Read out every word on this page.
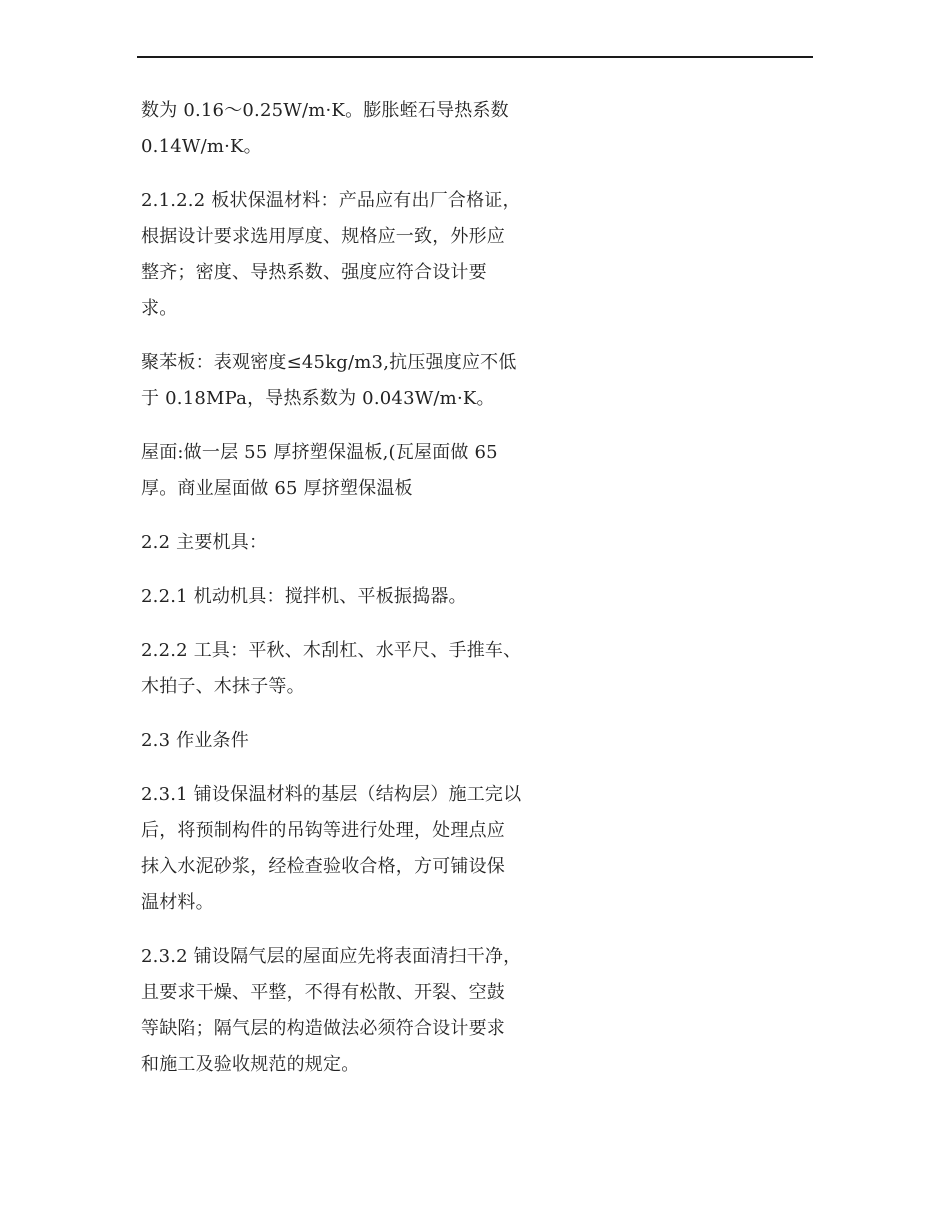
数为 0.16～0.25W/m·K。膨胀蛭石导热系数
0.14W/m·K。

2.1.2.2 板状保温材料：产品应有出厂合格证，
根据设计要求选用厚度、规格应一致，外形应
整齐；密度、导热系数、强度应符合设计要
求。

聚苯板：表观密度≤45kg/m3,抗压强度应不低
于 0.18MPa，导热系数为 0.043W/m·K。

屋面:做一层 55 厚挤塑保温板,(瓦屋面做 65
厚。商业屋面做 65 厚挤塑保温板

2.2 主要机具：

2.2.1 机动机具：搅拌机、平板振捣器。

2.2.2 工具：平秋、木刮杠、水平尺、手推车、
木拍子、木抹子等。

2.3 作业条件

2.3.1 铺设保温材料的基层（结构层）施工完以
后，将预制构件的吊钩等进行处理，处理点应
抹入水泥砂浆，经检查验收合格，方可铺设保
温材料。

2.3.2 铺设隔气层的屋面应先将表面清扫干净，
且要求干燥、平整，不得有松散、开裂、空鼓
等缺陷；隔气层的构造做法必须符合设计要求
和施工及验收规范的规定。
